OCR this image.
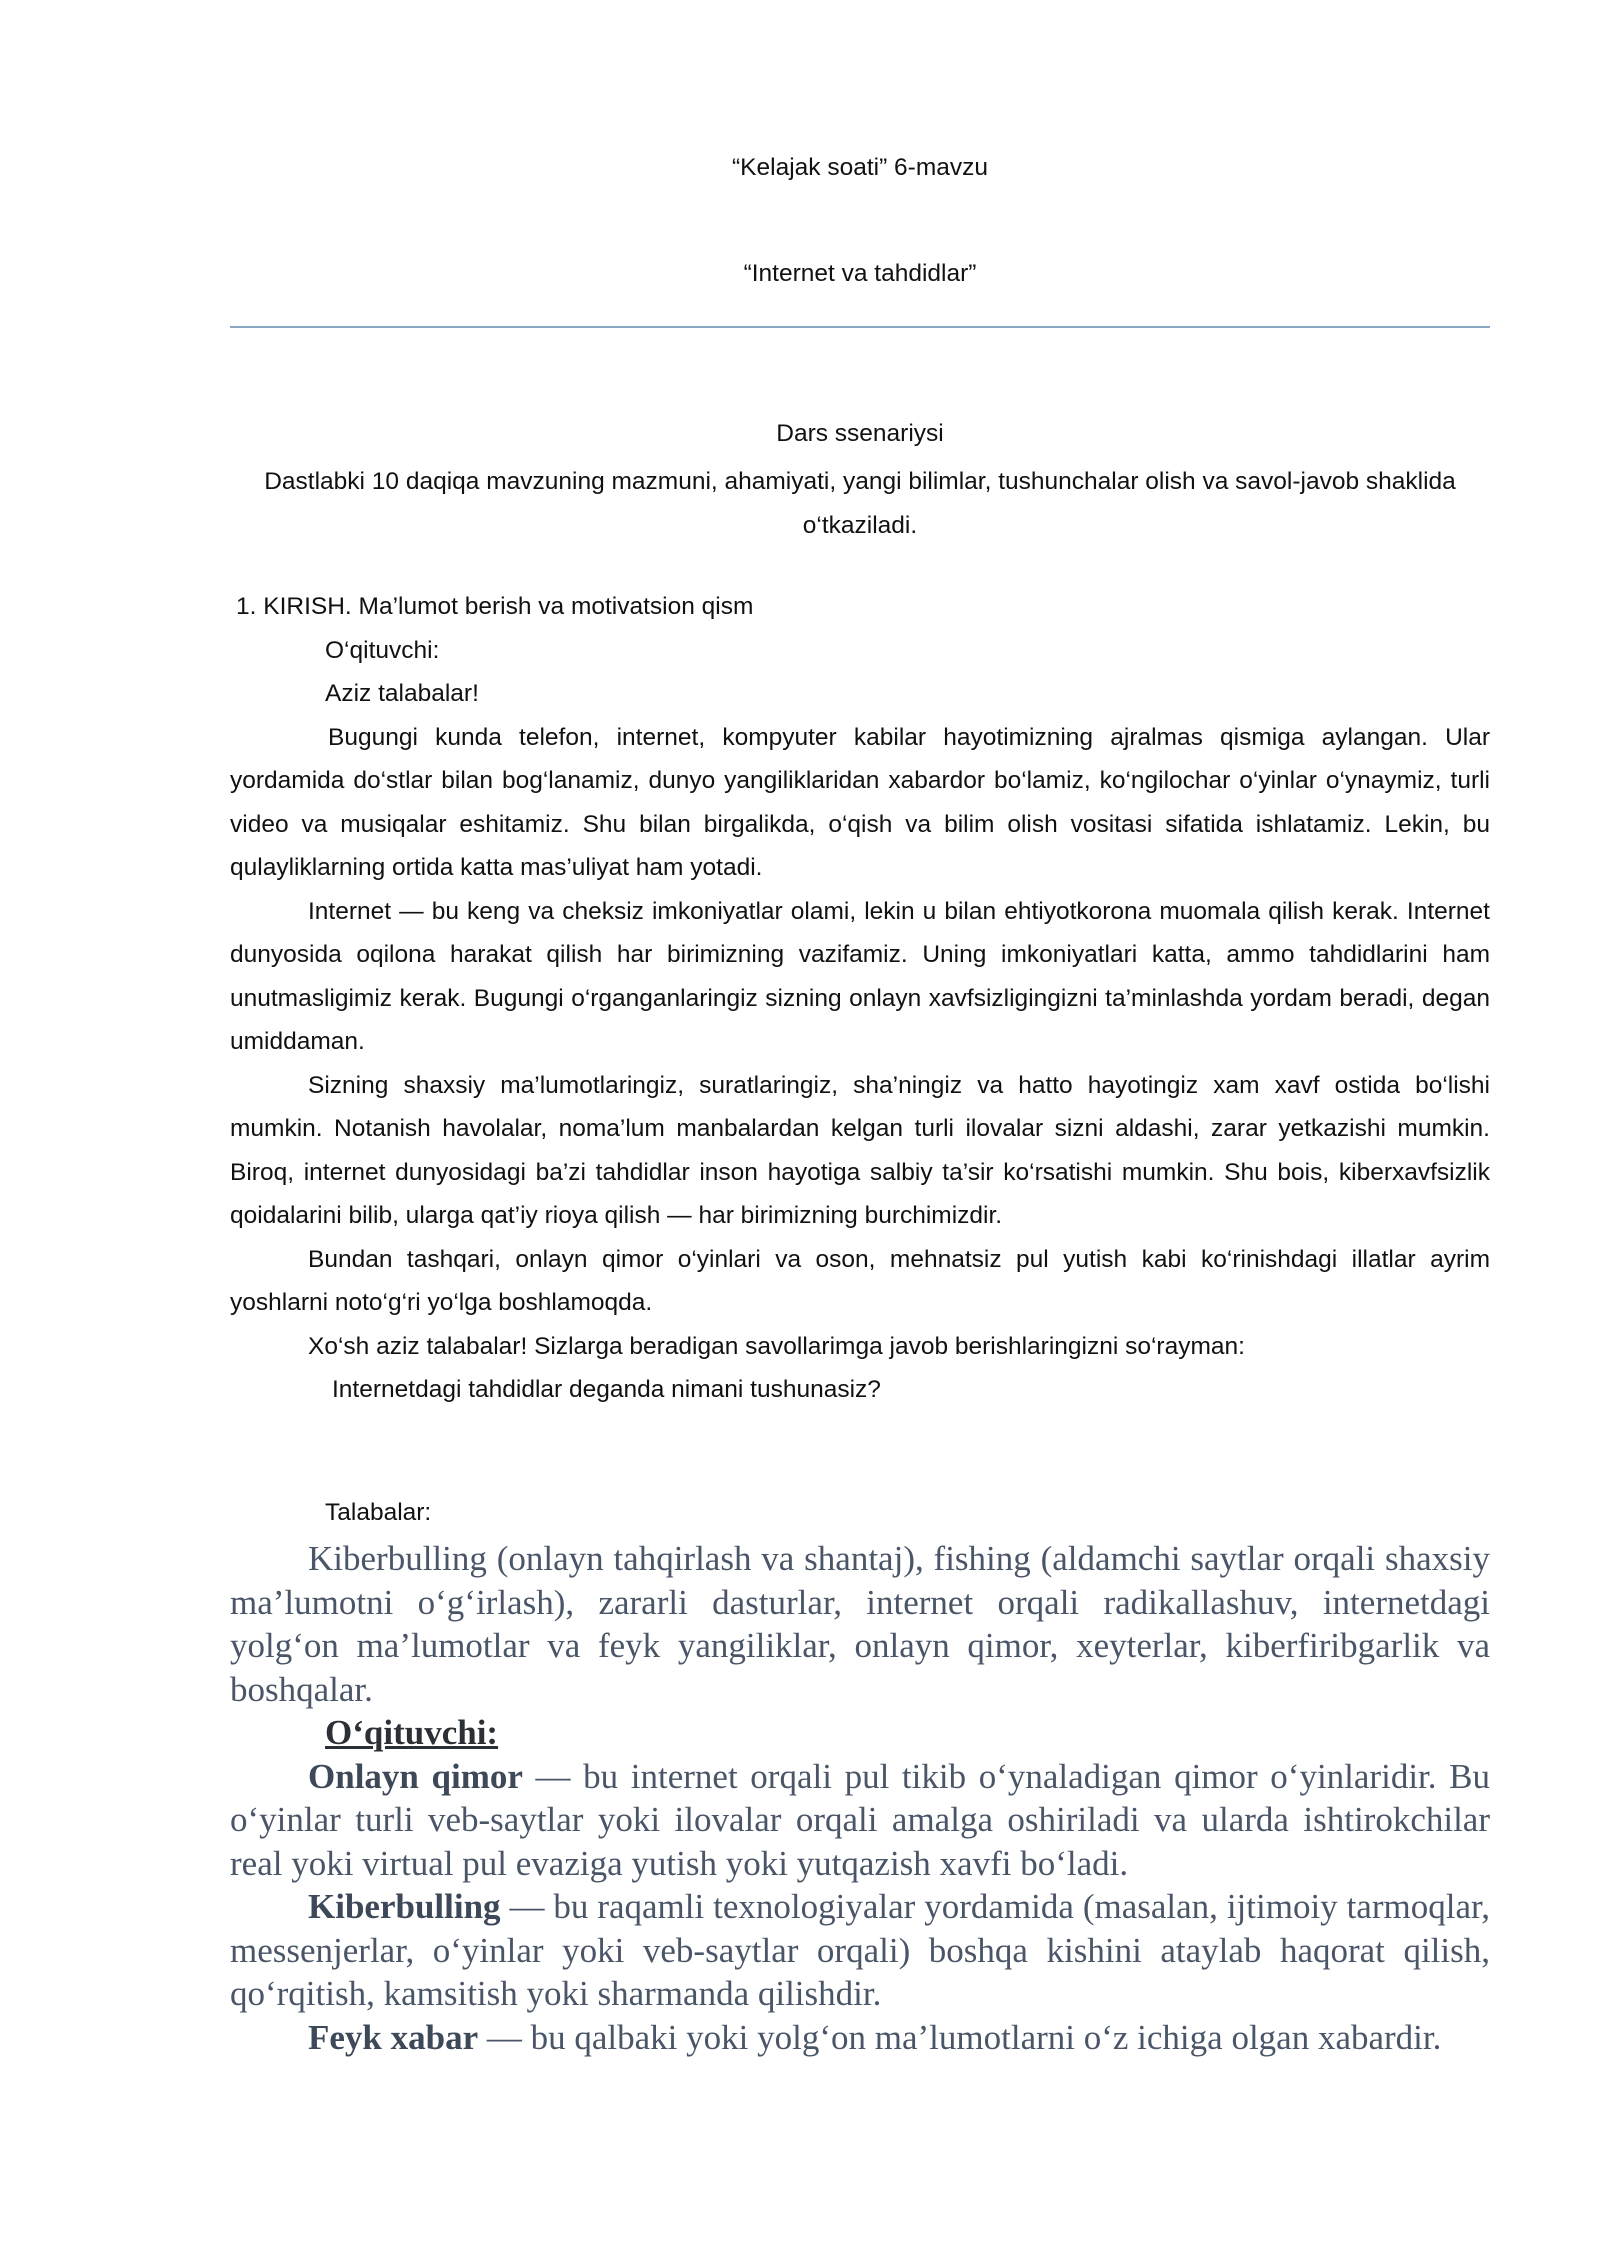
“Kelajak soati” 6-mavzu
“Internet va tahdidlar”
Dars ssenariysi
Dastlabki 10 daqiqa mavzuning mazmuni, ahamiyati, yangi bilimlar, tushunchalar olish va savol-javob shaklida o‘tkaziladi.

1. KIRISH. Ma’lumot berish va motivatsion qism

O‘qituvchi:

Aziz talabalar!

Bugungi kunda telefon, internet, kompyuter kabilar hayotimizning ajralmas qismiga aylangan. Ular yordamida do‘stlar bilan bog‘lanamiz, dunyo yangiliklaridan xabardor bo‘lamiz, ko‘ngilochar o‘yinlar o‘ynaymiz, turli video va musiqalar eshitamiz. Shu bilan birgalikda, o‘qish va bilim olish vositasi sifatida ishlatamiz. Lekin, bu qulayliklarning ortida katta mas’uliyat ham yotadi.

Internet — bu keng va cheksiz imkoniyatlar olami, lekin u bilan ehtiyotkorona muomala qilish kerak. Internet dunyosida oqilona harakat qilish har birimizning vazifamiz. Uning imkoniyatlari katta, ammo tahdidlarini ham unutmasligimiz kerak. Bugungi o‘rganganlaringiz sizning onlayn xavfsizligingizni ta’minlashda yordam beradi, degan umiddaman.

Sizning shaxsiy ma’lumotlaringiz, suratlaringiz, sha’ningiz va hatto hayotingiz xam xavf ostida bo‘lishi mumkin. Notanish havolalar, noma’lum manbalardan kelgan turli ilovalar sizni aldashi, zarar yetkazishi mumkin. Biroq, internet dunyosidagi ba’zi tahdidlar inson hayotiga salbiy ta’sir ko‘rsatishi mumkin. Shu bois, kiberxavfsizlik qoidalarini bilib, ularga qat’iy rioya qilish — har birimizning burchimizdir.

Bundan tashqari, onlayn qimor o‘yinlari va oson, mehnatsiz pul yutish kabi ko‘rinishdagi illatlar ayrim yoshlarni noto‘g‘ri yo‘lga boshlamoqda.

Xo‘sh aziz talabalar! Sizlarga beradigan savollarimga javob berishlaringizni so‘rayman:

Internetdagi tahdidlar deganda nimani tushunasiz?

Talabalar:

Kiberbulling (onlayn tahqirlash va shantaj), fishing (aldamchi saytlar orqali shaxsiy ma’lumotni o‘g‘irlash), zararli dasturlar, internet orqali radikallashuv, internetdagi yolg‘on ma’lumotlar va feyk yangiliklar, onlayn qimor, xeyterlar, kiberfiribgarlik va boshqalar.

O‘qituvchi:

Onlayn qimor — bu internet orqali pul tikib o‘ynaladigan qimor o‘yinlaridir. Bu o‘yinlar turli veb-saytlar yoki ilovalar orqali amalga oshiriladi va ularda ishtirokchilar real yoki virtual pul evaziga yutish yoki yutqazish xavfi bo‘ladi.

Kiberbulling — bu raqamli texnologiyalar yordamida (masalan, ijtimoiy tarmoqlar, messenjerlar, o‘yinlar yoki veb-saytlar orqali) boshqa kishini ataylab haqorat qilish, qo‘rqitish, kamsitish yoki sharmanda qilishdir.

Feyk xabar — bu qalbaki yoki yolg‘on ma’lumotlarni o‘z ichiga olgan xabardir.
